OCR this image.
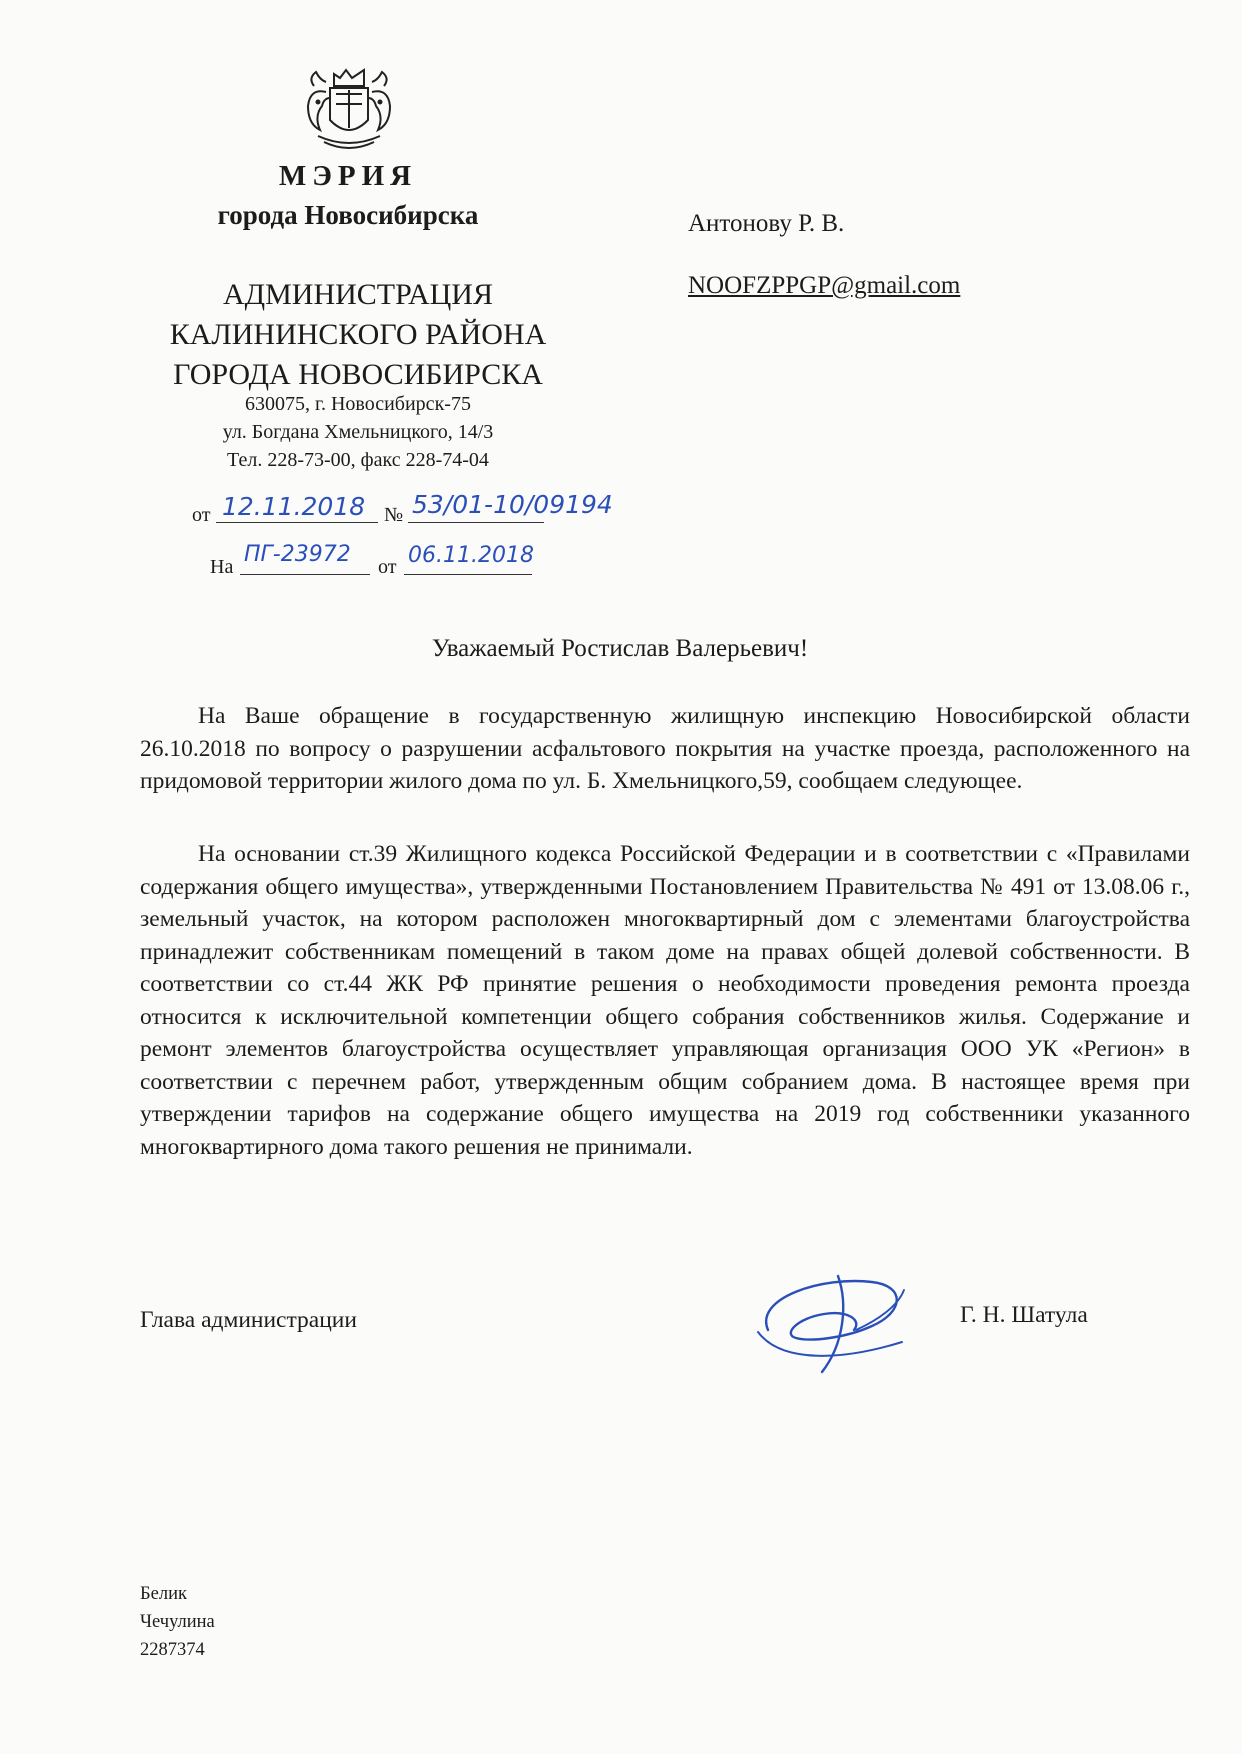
МЭРИЯ
города Новосибирска
АДМИНИСТРАЦИЯ
КАЛИНИНСКОГО РАЙОНА
ГОРОДА НОВОСИБИРСКА
630075, г. Новосибирск-75
ул. Богдана Хмельницкого, 14/3
Тел. 228-73-00, факс 228-74-04
от 12.11.2018 № 53/01-10/09194
На ПГ-23972 от 06.11.2018
Антонову Р. В.
NOOFZPPGP@gmail.com
Уважаемый Ростислав Валерьевич!
На Ваше обращение в государственную жилищную инспекцию Новосибирской области 26.10.2018 по вопросу о разрушении асфальтового покрытия на участке проезда, расположенного на придомовой территории жилого дома по ул. Б. Хмельницкого,59, сообщаем следующее.
На основании ст.39 Жилищного кодекса Российской Федерации и в соответствии с «Правилами содержания общего имущества», утвержденными Постановлением Правительства № 491 от 13.08.06 г., земельный участок, на котором расположен многоквартирный дом с элементами благоустройства принадлежит собственникам помещений в таком доме на правах общей долевой собственности. В соответствии со ст.44 ЖК РФ принятие решения о необходимости проведения ремонта проезда относится к исключительной компетенции общего собрания собственников жилья. Содержание и ремонт элементов благоустройства осуществляет управляющая организация ООО УК «Регион» в соответствии с перечнем работ, утвержденным общим собранием дома. В настоящее время при утверждении тарифов на содержание общего имущества на 2019 год собственники указанного многоквартирного дома такого решения не принимали.
Глава администрации	Г. Н. Шатула
Белик
Чечулина
2287374
